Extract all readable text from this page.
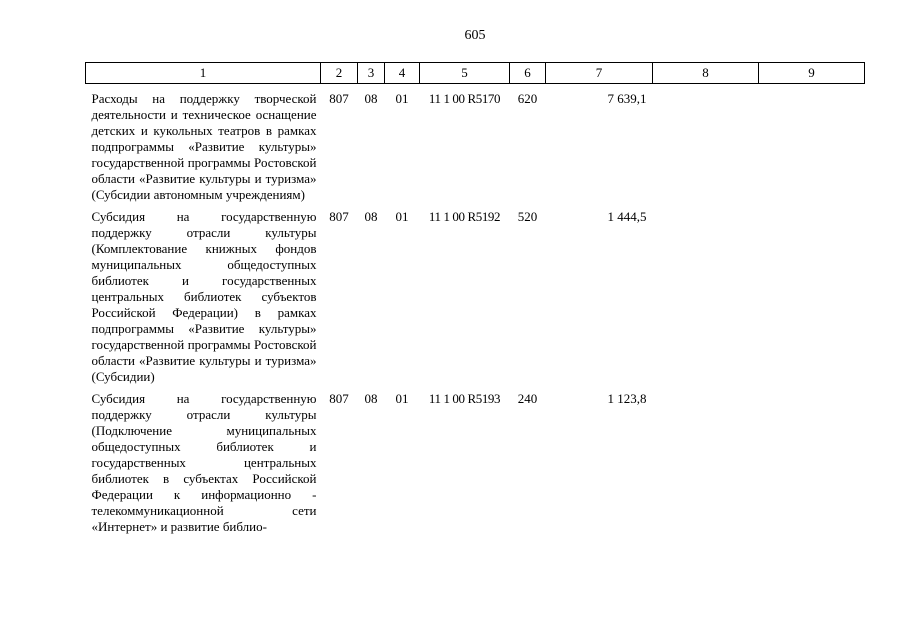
605
1	2	3	4	5	6	7	8	9
Расходы на поддержку творческой деятельности и техническое оснащение детских и кукольных театров в рамках подпрограммы «Развитие культуры» государственной программы Ростовской области «Развитие культуры и туризма» (Субсидии автономным учреждениям)	807	08	01	11 1 00 R5170	620	7 639,1		
Субсидия на государственную поддержку отрасли культуры (Комплектование книжных фондов муниципальных общедоступных библиотек и государственных центральных библиотек субъектов Российской Федерации) в рамках подпрограммы «Развитие культуры» государственной программы Ростовской области «Развитие культуры и туризма» (Субсидии)	807	08	01	11 1 00 R5192	520	1 444,5		
Субсидия на государственную поддержку отрасли культуры (Подключение муниципальных общедоступных библиотек и государственных центральных библиотек в субъектах Российской Федерации к информационно - телекоммуникационной сети «Интернет» и развитие библио-	807	08	01	11 1 00 R5193	240	1 123,8		
